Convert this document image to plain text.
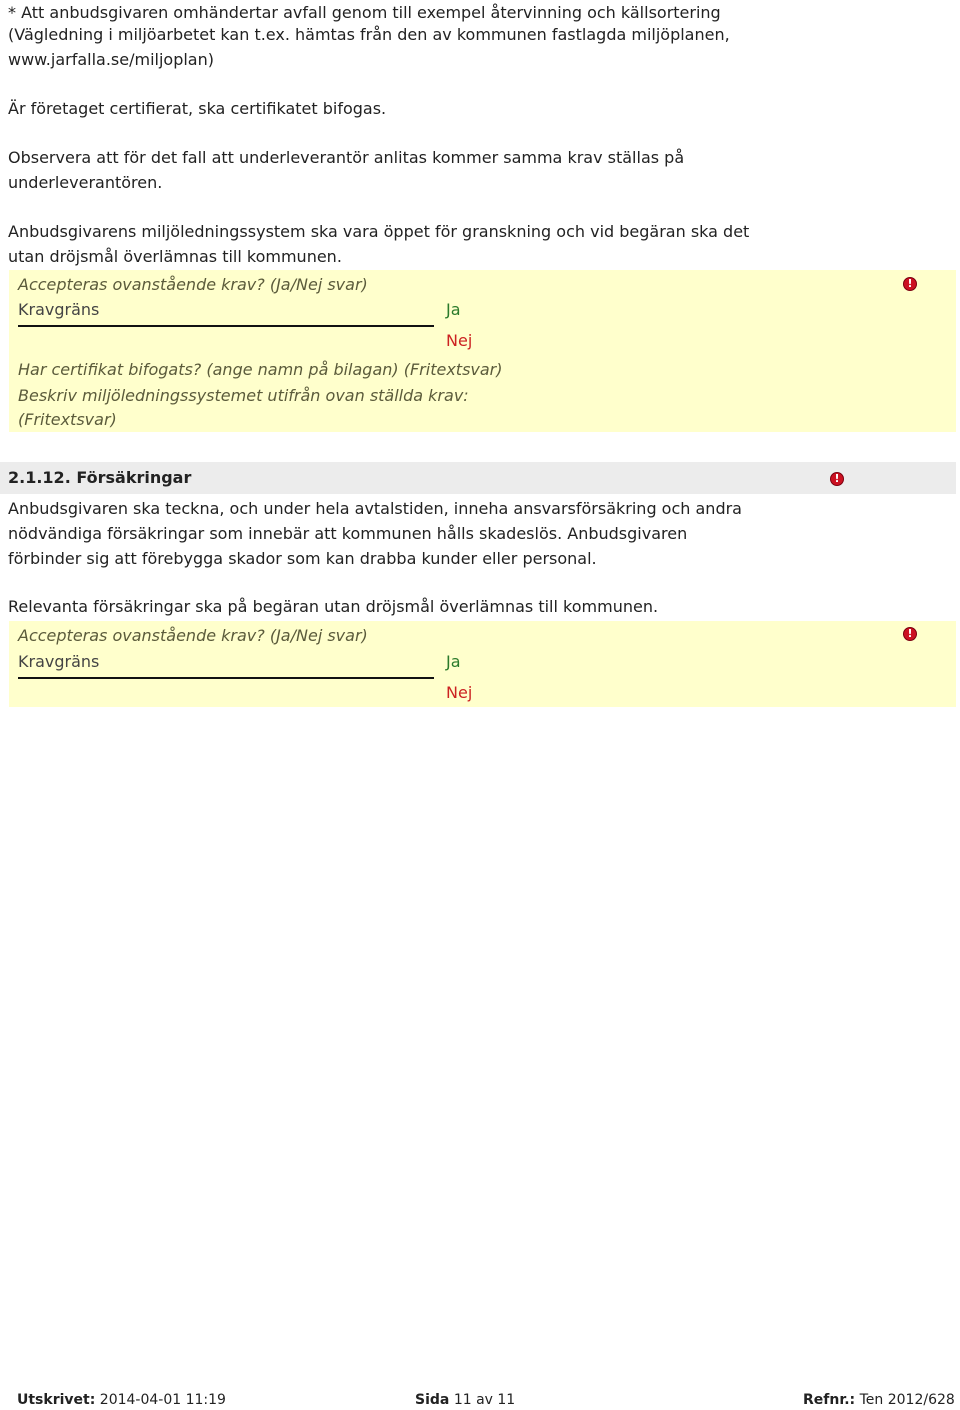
* Att anbudsgivaren omhändertar avfall genom till exempel återvinning och källsortering

(Vägledning i miljöarbetet kan t.ex. hämtas från den av kommunen fastlagda miljöplanen,

www.jarfalla.se/miljoplan)

Är företaget certifierat, ska certifikatet bifogas.

Observera att för det fall att underleverantör anlitas kommer samma krav ställas på

underleverantören.

Anbudsgivarens miljöledningssystem ska vara öppet för granskning och vid begäran ska det

utan dröjsmål överlämnas till kommunen.

Accepteras ovanstående krav? (Ja/Nej svar)
Kravgräns	Ja
Nej
Har certifikat bifogats? (ange namn på bilagan) (Fritextsvar)
Beskriv miljöledningssystemet utifrån ovan ställda krav:
(Fritextsvar)
!
2.1.12. Försäkringar	!

Anbudsgivaren ska teckna, och under hela avtalstiden, inneha ansvarsförsäkring och andra

nödvändiga försäkringar som innebär att kommunen hålls skadeslös. Anbudsgivaren

förbinder sig att förebygga skador som kan drabba kunder eller personal.

Relevanta försäkringar ska på begäran utan dröjsmål överlämnas till kommunen.

Accepteras ovanstående krav? (Ja/Nej svar)
Kravgräns	Ja
Nej
!
Utskrivet: 2014-04-01 11:19	Sida 11 av 11	Refnr.: Ten 2012/628
